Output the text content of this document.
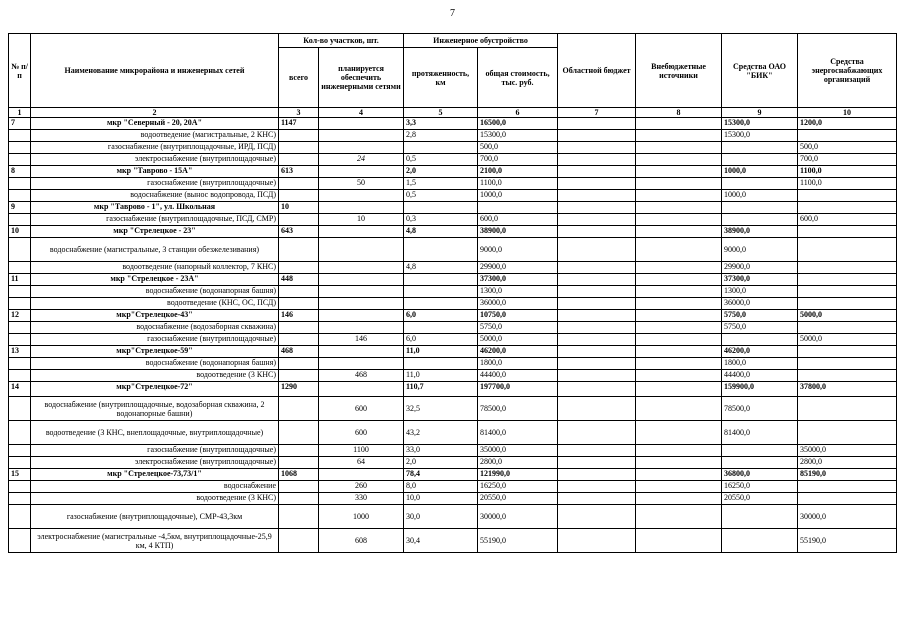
7
№ п/п	Наименование микрорайона и инженерных сетей	Кол-во участков, шт.		Инженерное обустройство		Областной бюджет	Внебюджетные источники	Средства ОАО "БИК"	Средства энергоснабжающих организаций
		всего	планируется обеспечить инженерными сетями	протяженность, км	общая стоимость, тыс. руб.				
1	2	3	4	5	6	7	8	9	10
7	мкр "Северный - 20, 20А"	1147		3,3	16500,0			15300,0	1200,0
	водоотведение (магистральные, 2 КНС)			2,8	15300,0			15300,0	
	газоснабжение (внутриплощадочные, ИРД, ПСД)				500,0				500,0
	электроснабжение (внутриплощадочные)		24	0,5	700,0				700,0
8	мкр "Таврово - 15А"	613		2,0	2100,0			1000,0	1100,0
	газоснабжение (внутриплощадочные)		50	1,5	1100,0				1100,0
	водоснабжение (вынос водопровода, ПСД)			0,5	1000,0			1000,0	
9	мкр "Таврово - 1", ул. Школьная	10							
	газоснабжение (внутриплощадочные, ПСД, СМР)		10	0,3	600,0				600,0
10	мкр "Стрелецкое - 23"	643		4,8	38900,0			38900,0	
	водоснабжение (магистральные, 3 станции обезжелезивания)				9000,0			9000,0	
	водоотведение (напорный коллектор, 7 КНС)			4,8	29900,0			29900,0	
11	мкр "Стрелецкое - 23А"	448			37300,0			37300,0	
	водоснабжение (водонапорная башня)				1300,0			1300,0	
	водоотведение (КНС, ОС, ПСД)				36000,0			36000,0	
12	мкр"Стрелецкое-43"	146		6,0	10750,0			5750,0	5000,0
	водоснабжение (водозаборная скважина)				5750,0			5750,0	
	газоснабжение (внутриплощадочные)		146	6,0	5000,0				5000,0
13	мкр"Стрелецкое-59"	468		11,0	46200,0			46200,0	
	водоснабжение (водонапорная башня)				1800,0			1800,0	
	водоотведение (3 КНС)		468	11,0	44400,0			44400,0	
14	мкр"Стрелецкое-72"	1290		110,7	197700,0			159900,0	37800,0
	водоснабжение (внутриплощадочные, водозаборная скважина, 2 водонапорные башни)		600	32,5	78500,0			78500,0	
	водоотведение (3 КНС, внеплощадочные, внутриплощадочные)		600	43,2	81400,0			81400,0	
	газоснабжение (внутриплощадочные)		1100	33,0	35000,0				35000,0
	электроснабжение (внутриплощадочные)		64	2,0	2800,0				2800,0
15	мкр "Стрелецкое-73,73/1"	1068		78,4	121990,0			36800,0	85190,0
	водоснабжение		260	8,0	16250,0			16250,0	
	водоотведение (3 КНС)		330	10,0	20550,0			20550,0	
	газоснабжение (внутриплощадочные), СМР-43,3км		1000	30,0	30000,0				30000,0
	электроснабжение (магистральные -4,5км, внутриплощадочные-25,9 км, 4 КТП)		608	30,4	55190,0				55190,0
